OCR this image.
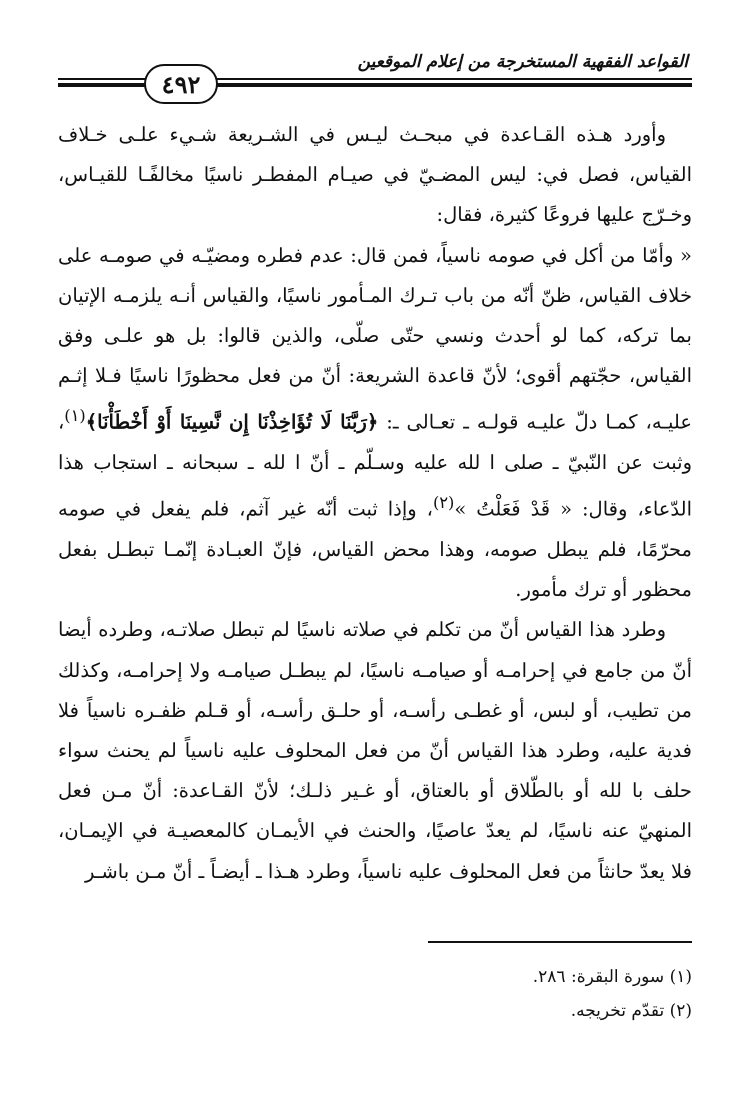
القواعد الفقهية المستخرجة من إعلام الموقعين
٤٩٢

وأورد هـذه القـاعدة في مبحـث ليـس في الشـريعة شـيء علـى خـلاف القياس، فصل في: ليس المضـيّ في صيـام المفطـر ناسيًا مخالفًـا للقيـاس، وخـرّج عليها فروعًا كثيرة، فقال:

« وأمّا من أكل في صومه ناسياً، فمن قال: عدم فطره ومضيّـه في صومـه على خلاف القياس، ظنّ أنّه من باب تـرك المـأمور ناسيًا، والقياس أنـه يلزمـه الإتيان بما تركه، كما لو أحدث ونسي حتّى صلّى، والذين قالوا: بل هو علـى وفق القياس، حجّتهم أقوى؛ لأنّ قاعدة الشريعة: أنّ من فعل محظورًا ناسيًا فـلا إثـم عليـه، كمـا دلّ عليـه قولـه ـ تعـالى ـ: ﴿رَبَّنَا لَا تُؤَاخِذْنَا إِن نَّسِينَا أَوْ أَخْطَأْنَا﴾$^{(١)}$، وثبت عن النّبيّ ـ صلى ا لله عليه وسـلّم ـ أنّ ا لله ـ سبحانه ـ استجاب هذا الدّعاء، وقال: « قَدْ فَعَلْتُ »$^{(٢)}$، وإذا ثبت أنّه غير آثم، فلم يفعل في صومه محرّمًا، فلم يبطل صومه، وهذا محض القياس، فإنّ العبـادة إنّمـا تبطـل بفعل محظور أو ترك مأمور.

وطرد هذا القياس أنّ من تكلم في صلاته ناسيًا لم تبطل صلاتـه، وطرده أيضا أنّ من جامع في إحرامـه أو صيامـه ناسيًا، لم يبطـل صيامـه ولا إحرامـه، وكذلك من تطيب، أو لبس، أو غطـى رأسـه، أو حلـق رأسـه، أو قـلم ظفـره ناسياً فلا فدية عليه، وطرد هذا القياس أنّ من فعل المحلوف عليه ناسياً لم يحنث سواء حلف با لله أو بالطّلاق أو بالعتاق، أو غـير ذلـك؛ لأنّ القـاعدة: أنّ مـن فعل المنهيّ عنه ناسيًا، لم يعدّ عاصيًا، والحنث في الأيمـان كالمعصيـة في الإيمـان، فلا يعدّ حانثاً من فعل المحلوف عليه ناسياً، وطرد هـذا ـ أيضـاً ـ أنّ مـن باشـر

(١) سورة البقرة: ٢٨٦.

(٢) تقدّم تخريجه.
